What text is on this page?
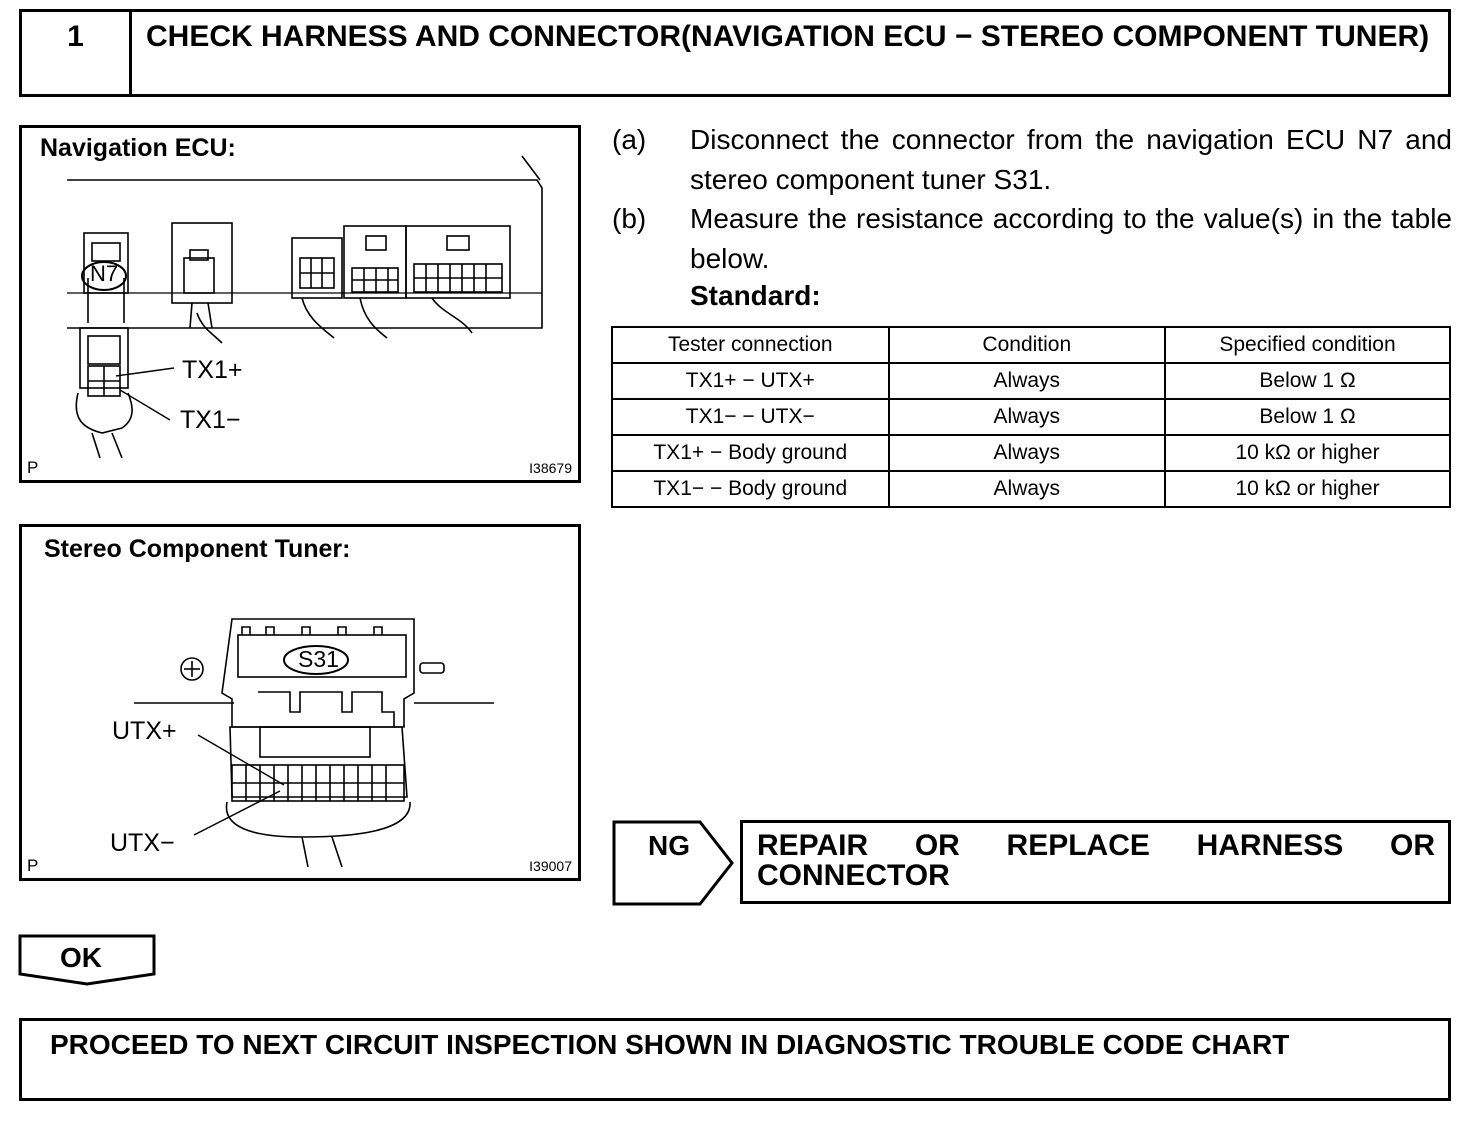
1	CHECK HARNESS AND CONNECTOR(NAVIGATION ECU − STEREO COMPONENT TUNER)
Navigation ECU:
N7
TX1+
TX1−
P	I38679
Stereo Component Tuner:
S31
UTX+
UTX−
P	I39007
(a) Disconnect the connector from the navigation ECU N7 and stereo component tuner S31.
(b) Measure the resistance according to the value(s) in the table below.
Standard:
Tester connection	Condition	Specified condition
TX1+ − UTX+	Always	Below 1 Ω
TX1− − UTX−	Always	Below 1 Ω
TX1+ − Body ground	Always	10 kΩ or higher
TX1− − Body ground	Always	10 kΩ or higher
NG REPAIR OR REPLACE HARNESS OR CONNECTOR
OK
PROCEED TO NEXT CIRCUIT INSPECTION SHOWN IN DIAGNOSTIC TROUBLE CODE CHART
